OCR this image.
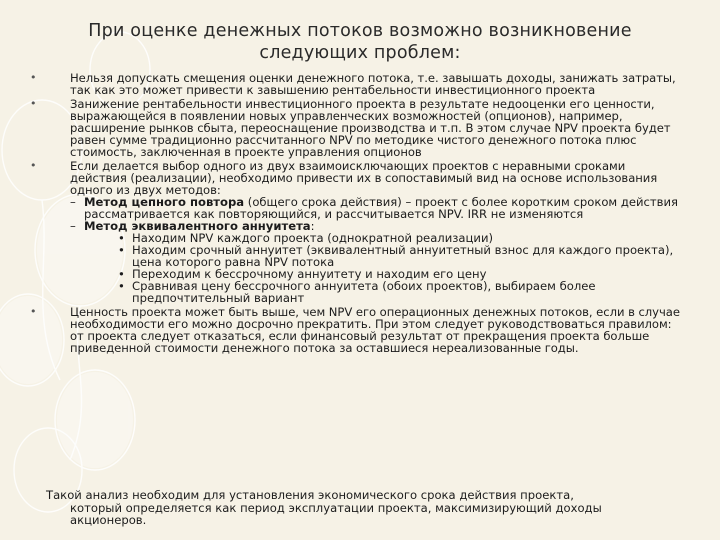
При оценке денежных потоков возможно возникновение следующих проблем:
•	Нельзя допускать смещения оценки денежного потока, т.е. завышать доходы, занижать затраты, так как это может привести к завышению рентабельности инвестиционного проекта
•	Занижение рентабельности инвестиционного проекта в результате недооценки его ценности, выражающейся в появлении новых управленческих возможностей (опционов), например, расширение рынков сбыта, переоснащение производства и т.п. В этом случае NPV проекта будет равен сумме традиционно рассчитанного NPV по методике чистого денежного потока плюс стоимость, заключенная в проекте управления опционов
•	Если делается выбор одного из двух взаимоисключающих проектов с неравными сроками действия (реализации), необходимо привести их в сопоставимый вид на основе использования одного из двух методов:
– Метод цепного повтора (общего срока действия) – проект с более коротким сроком действия рассматривается как повторяющийся, и рассчитывается NPV. IRR не изменяются
– Метод эквивалентного аннуитета:
• Находим NPV каждого проекта (однократной реализации)
• Находим срочный аннуитет (эквивалентный аннуитетный взнос для каждого проекта), цена которого равна NPV потока
• Переходим к бессрочному аннуитету и находим его цену
• Сравнивая цену бессрочного аннуитета (обоих проектов), выбираем более предпочтительный вариант
•	Ценность проекта может быть выше, чем NPV его операционных денежных потоков, если в случае необходимости его можно досрочно прекратить. При этом следует руководствоваться правилом: от проекта следует отказаться, если финансовый результат от прекращения проекта больше приведенной стоимости денежного потока за оставшиеся нереализованные годы.
Такой анализ необходим для установления экономического срока действия проекта,
который определяется как период эксплуатации проекта, максимизирующий доходы акционеров.
